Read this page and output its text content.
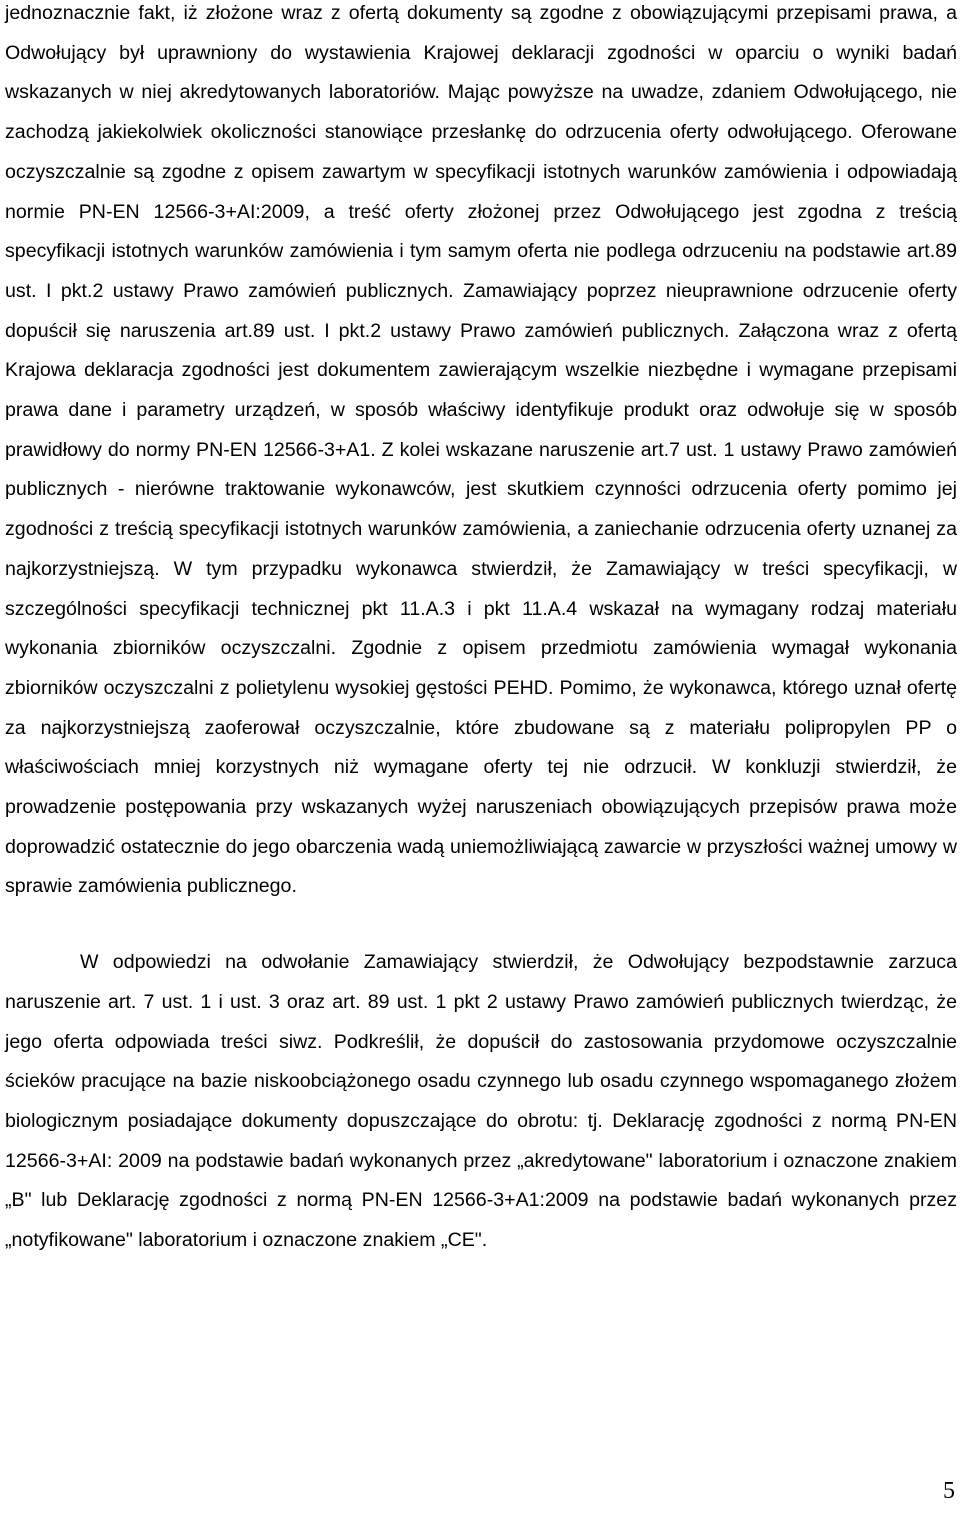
jednoznacznie fakt, iż złożone wraz z ofertą dokumenty są zgodne z obowiązującymi przepisami prawa, a Odwołujący był uprawniony do wystawienia Krajowej deklaracji zgodności w oparciu o wyniki badań wskazanych w niej akredytowanych laboratoriów. Mając powyższe na uwadze, zdaniem Odwołującego, nie zachodzą jakiekolwiek okoliczności stanowiące przesłankę do odrzucenia oferty odwołującego. Oferowane oczyszczalnie są zgodne z opisem zawartym w specyfikacji istotnych warunków zamówienia i odpowiadają normie PN-EN 12566-3+AI:2009, a treść oferty złożonej przez Odwołującego jest zgodna z treścią specyfikacji istotnych warunków zamówienia i tym samym oferta nie podlega odrzuceniu na podstawie art.89 ust. I pkt.2 ustawy Prawo zamówień publicznych. Zamawiający poprzez nieuprawnione odrzucenie oferty dopuścił się naruszenia art.89 ust. I pkt.2 ustawy Prawo zamówień publicznych. Załączona wraz z ofertą Krajowa deklaracja zgodności jest dokumentem zawierającym wszelkie niezbędne i wymagane przepisami prawa dane i parametry urządzeń, w sposób właściwy identyfikuje produkt oraz odwołuje się w sposób prawidłowy do normy PN-EN 12566-3+A1. Z kolei wskazane naruszenie art.7 ust. 1 ustawy Prawo zamówień publicznych - nierówne traktowanie wykonawców, jest skutkiem czynności odrzucenia oferty pomimo jej zgodności z treścią specyfikacji istotnych warunków zamówienia, a zaniechanie odrzucenia oferty uznanej za najkorzystniejszą. W tym przypadku wykonawca stwierdził, że Zamawiający w treści specyfikacji, w szczególności specyfikacji technicznej pkt 11.A.3 i pkt 11.A.4 wskazał na wymagany rodzaj materiału wykonania zbiorników oczyszczalni. Zgodnie z opisem przedmiotu zamówienia wymagał wykonania zbiorników oczyszczalni z polietylenu wysokiej gęstości PEHD. Pomimo, że wykonawca, którego uznał ofertę za najkorzystniejszą zaoferował oczyszczalnie, które zbudowane są z materiału polipropylen PP o właściwościach mniej korzystnych niż wymagane oferty tej nie odrzucił. W konkluzji stwierdził, że prowadzenie postępowania przy wskazanych wyżej naruszeniach obowiązujących przepisów prawa może doprowadzić ostatecznie do jego obarczenia wadą uniemożliwiającą zawarcie w przyszłości ważnej umowy w sprawie zamówienia publicznego.

W odpowiedzi na odwołanie Zamawiający stwierdził, że Odwołujący bezpodstawnie zarzuca naruszenie art. 7 ust. 1 i ust. 3 oraz art. 89 ust. 1 pkt 2 ustawy Prawo zamówień publicznych twierdząc, że jego oferta odpowiada treści siwz. Podkreślił, że dopuścił do zastosowania przydomowe oczyszczalnie ścieków pracujące na bazie niskoobciążonego osadu czynnego lub osadu czynnego wspomaganego złożem biologicznym posiadające dokumenty dopuszczające do obrotu: tj. Deklarację zgodności z normą PN-EN 12566-3+AI: 2009 na podstawie badań wykonanych przez „akredytowane" laboratorium i oznaczone znakiem „B" lub Deklarację zgodności z normą PN-EN 12566-3+A1:2009 na podstawie badań wykonanych przez „notyfikowane" laboratorium i oznaczone znakiem „CE".

5
